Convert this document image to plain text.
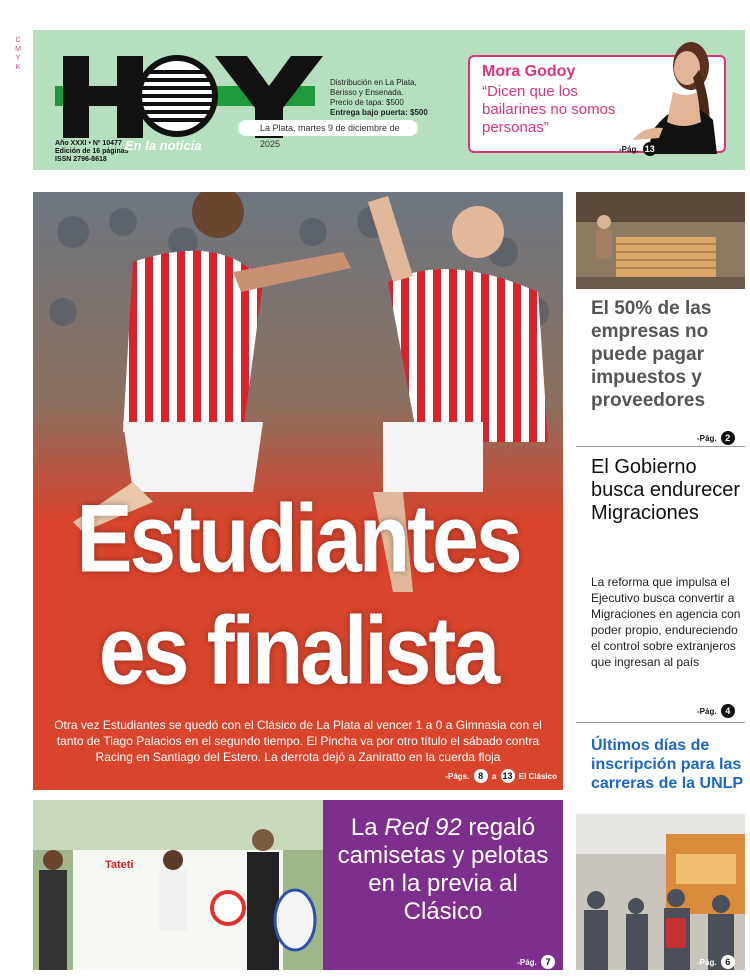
C
M
Y
K
Año XXXI • Nº 10477
Edición de 16 páginas
ISSN 2796-8618
En la noticia
Distribución en La Plata,
Berisso y Ensenada.
Precio de tapa: $500
Entrega bajo puerta: $500
La Plata, martes 9 de diciembre de 2025
Mora Godoy
“Dicen que los bailarines no somos personas”
-Pág. 13 Espectáculos
Estudiantes
es finalista
Otra vez Estudiantes se quedó con el Clásico de La Plata al vencer 1 a 0 a Gimnasia con el tanto de Tiago Palacios en el segundo tiempo. El Pincha va por otro título el sábado contra Racing en Santiago del Estero. La derrota dejó a Zaniratto en la cuerda floja
-Págs. 8 a 13 El Clásico
El 50% de las empresas no puede pagar impuestos y proveedores
-Pág. 2
El Gobierno busca endurecer Migraciones
La reforma que impulsa el Ejecutivo busca convertir a Migraciones en agencia con poder propio, endureciendo el control sobre extranjeros que ingresan al país
-Pág. 4
Últimos días de inscripción para las carreras de la UNLP
-Pág. 6
Tateti
La Red 92 regaló camisetas y pelotas en la previa al Clásico
-Pág. 7
